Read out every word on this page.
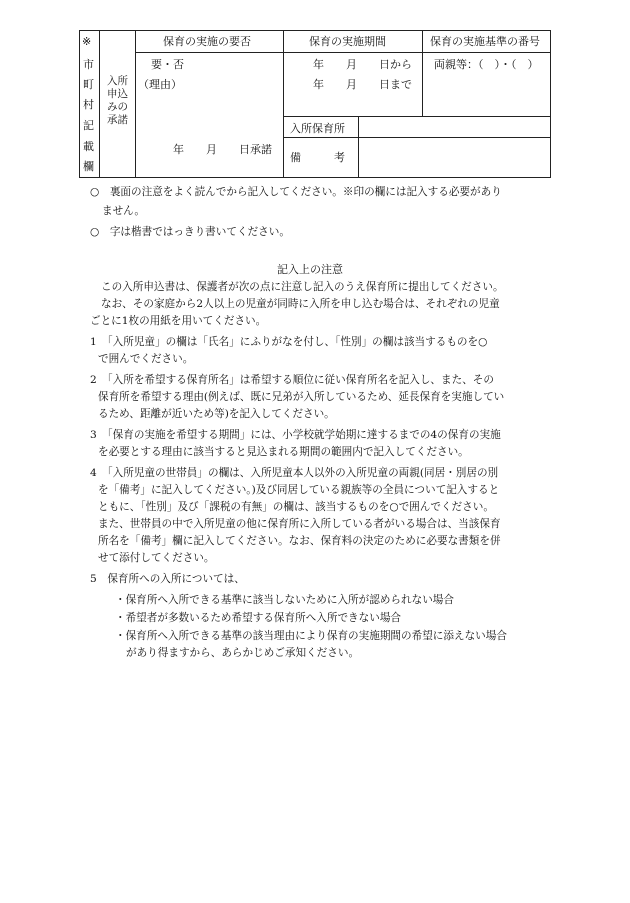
※
市
町
村
記
載
欄
入所
申込
みの
承諾
保育の実施の要否	保育の実施期間	保育の実施基準の番号
要・否
（理由）
年　　月　　日承諾
年　　月　　日から
年　　月　　日まで
両親等：（　）・（　）
入所保育所
備　　　考
○　裏面の注意をよく読んでから記入してください。※印の欄には記入する必要があり
ません。
○　字は楷書ではっきり書いてください。
記入上の注意
この入所申込書は、保護者が次の点に注意し記入のうえ保育所に提出してください。
なお、その家庭から2人以上の児童が同時に入所を申し込む場合は、それぞれの児童
ごとに1枚の用紙を用いてください。
1　「入所児童」の欄は「氏名」にふりがなを付し、「性別」の欄は該当するものを○
で囲んでください。
2　「入所を希望する保育所名」は希望する順位に従い保育所名を記入し、また、その
保育所を希望する理由(例えば、既に兄弟が入所しているため、延長保育を実施してい
るため、距離が近いため等)を記入してください。
3　「保育の実施を希望する期間」には、小学校就学始期に達するまでの4の保育の実施
を必要とする理由に該当すると見込まれる期間の範囲内で記入してください。
4　「入所児童の世帯員」の欄は、入所児童本人以外の入所児童の両親(同居・別居の別
を「備考」に記入してください。)及び同居している親族等の全員について記入すると
ともに、「性別」及び「課税の有無」の欄は、該当するものを○で囲んでください。
また、世帯員の中で入所児童の他に保育所に入所している者がいる場合は、当該保育
所名を「備考」欄に記入してください。なお、保育料の決定のために必要な書類を併
せて添付してください。
5　保育所への入所については、
・保育所へ入所できる基準に該当しないために入所が認められない場合
・希望者が多数いるため希望する保育所へ入所できない場合
・保育所へ入所できる基準の該当理由により保育の実施期間の希望に添えない場合
があり得ますから、あらかじめご承知ください。
